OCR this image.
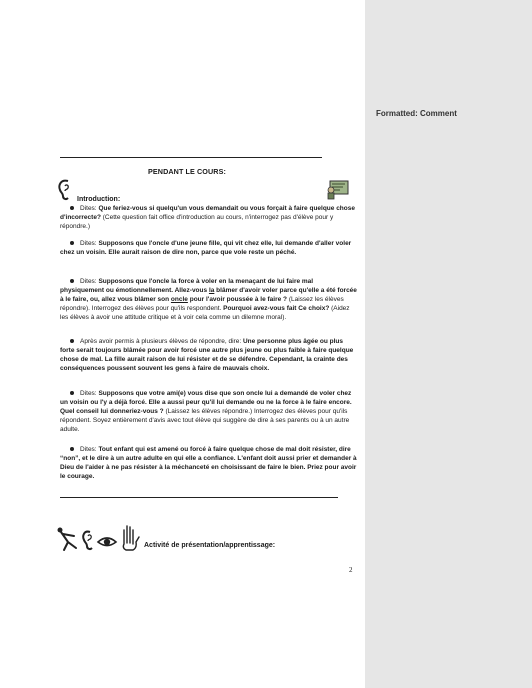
Formatted: Comment
PENDANT LE COURS:
Introduction:

Dites: Que feriez-vous si quelqu'un vous demandait ou vous forçait à faire quelque chose d'incorrecte? (Cette question fait office d'introduction au cours, n'interrogez pas d'élève pour y répondre.)

Dites: Supposons que l'oncle d'une jeune fille, qui vit chez elle, lui demande d'aller voler chez un voisin. Elle aurait raison de dire non, parce que vole reste un péché.

Dites: Supposons que l'oncle la force à voler en la menaçant de lui faire mal physiquement ou émotionnellement. Allez-vous la blâmer d'avoir voler parce qu'elle a été forcée à le faire, ou, allez vous blâmer son oncle pour l'avoir poussée à le faire ? (Laissez les élèves répondre). Interrogez des élèves pour qu'ils respondent. Pourquoi avez-vous fait Ce choix? (Aidez les élèves à avoir une attitude critique et à voir cela comme un dilemne moral).

Après avoir permis à plusieurs élèves de répondre, dire: Une personne plus âgée ou plus forte serait toujours blâmée pour avoir forcé une autre plus jeune ou plus faible à faire quelque chose de mal. La fille aurait raison de lui résister et de se défendre. Cependant, la crainte des conséquences poussent souvent les gens à faire de mauvais choix.

Dites: Supposons que votre ami(e) vous dise que son oncle lui a demandé de voler chez un voisin ou l'y a déjà forcé. Elle a aussi peur qu'il lui demande ou ne la force à le faire encore. Quel conseil lui donneriez-vous ? (Laissez les élèves répondre.) Interrogez des élèves pour qu'ils répondent. Soyez entièrement d'avis avec tout élève qui suggère de dire à ses parents ou à un autre adulte.

Dites: Tout enfant qui est amené ou forcé à faire quelque chose de mal doit résister, dire “non”, et le dire à un autre adulte en qui elle a confiance. L'enfant doit aussi prier et demander à Dieu de l'aider à ne pas résister à la méchanceté en choisissant de faire le bien. Priez pour avoir le courage.

Activité de présentation/apprentissage:
2
